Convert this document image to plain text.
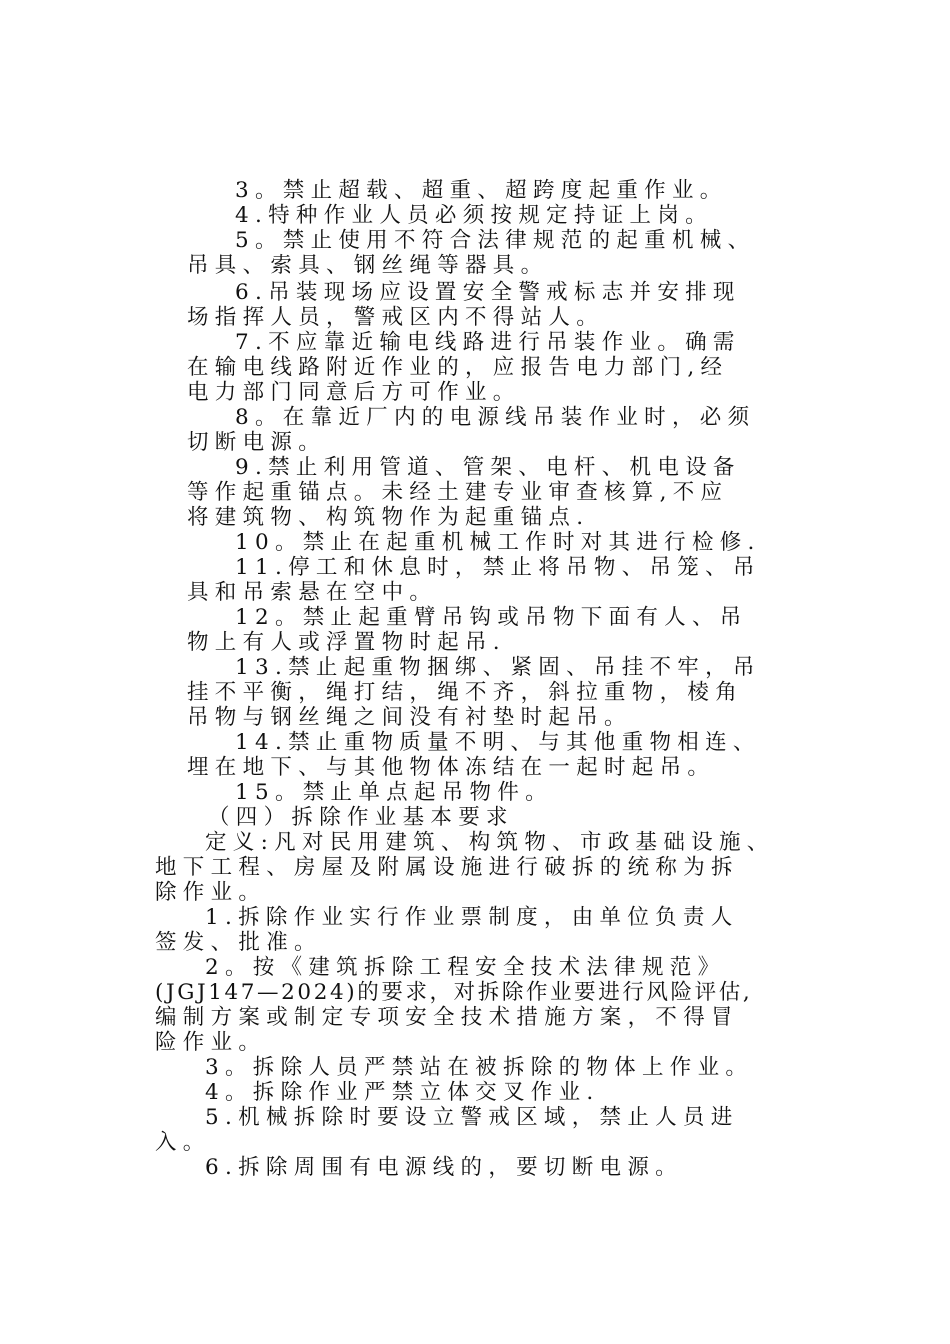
3。禁止超载、超重、超跨度起重作业。
4.特种作业人员必须按规定持证上岗。
5。禁止使用不符合法律规范的起重机械、
吊具、索具、钢丝绳等器具。
6.吊装现场应设置安全警戒标志并安排现
场指挥人员，警戒区内不得站人。
7.不应靠近输电线路进行吊装作业。确需
在输电线路附近作业的，应报告电力部门,经
电力部门同意后方可作业。
8。在靠近厂内的电源线吊装作业时，必须
切断电源。
9.禁止利用管道、管架、电杆、机电设备
等作起重锚点。未经土建专业审查核算,不应
将建筑物、构筑物作为起重锚点.
10。禁止在起重机械工作时对其进行检修.
11.停工和休息时，禁止将吊物、吊笼、吊
具和吊索悬在空中。
12。禁止起重臂吊钩或吊物下面有人、吊
物上有人或浮置物时起吊.
13.禁止起重物捆绑、紧固、吊挂不牢，吊
挂不平衡，绳打结，绳不齐，斜拉重物，棱角
吊物与钢丝绳之间没有衬垫时起吊。
14.禁止重物质量不明、与其他重物相连、
埋在地下、与其他物体冻结在一起时起吊。
15。禁止单点起吊物件。
（四）拆除作业基本要求
定义:凡对民用建筑、构筑物、市政基础设施、
地下工程、房屋及附属设施进行破拆的统称为拆
除作业。
1.拆除作业实行作业票制度，由单位负责人
签发、批准。
2。按《建筑拆除工程安全技术法律规范》
(JGJ147—2024)的要求，对拆除作业要进行风险评估,
编制方案或制定专项安全技术措施方案，不得冒
险作业。
3。拆除人员严禁站在被拆除的物体上作业。
4。拆除作业严禁立体交叉作业.
5.机械拆除时要设立警戒区域，禁止人员进
入。
6.拆除周围有电源线的，要切断电源。
